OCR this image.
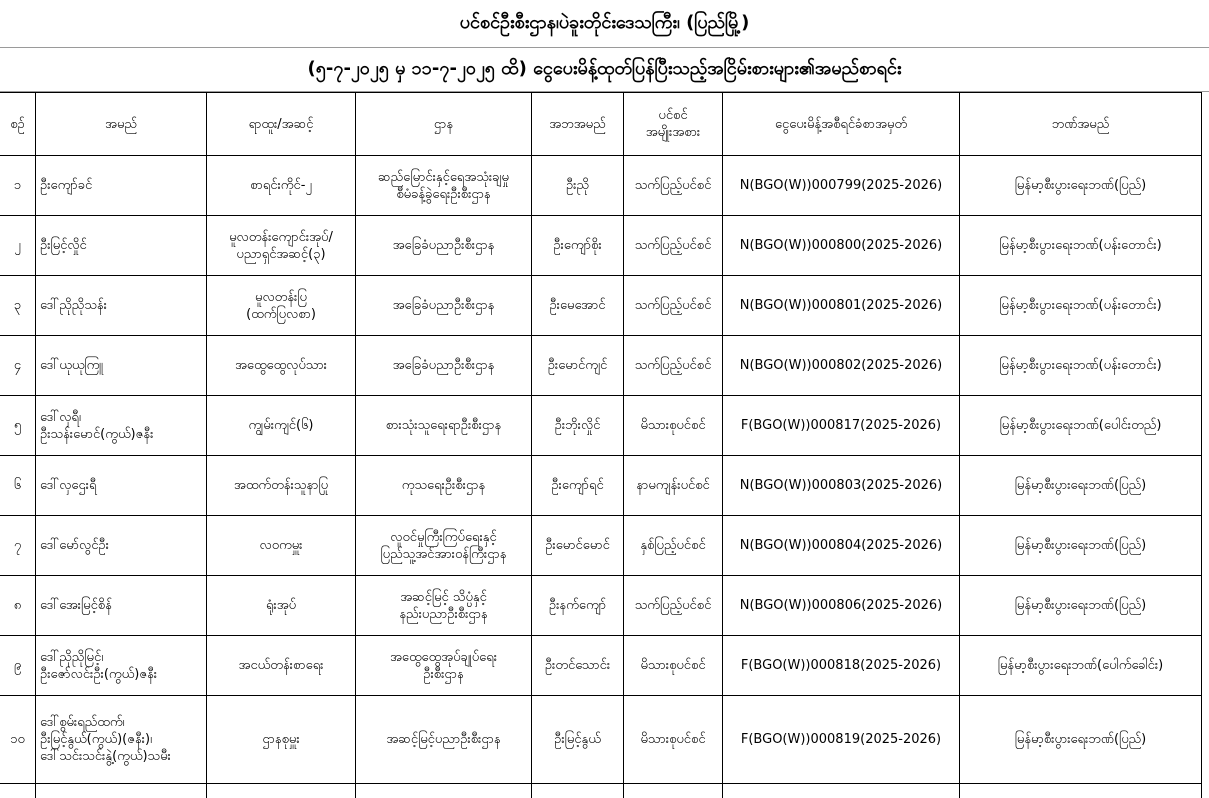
ပင်စင်ဦးစီးဌာန၊ပဲခူးတိုင်းဒေသကြီး၊ (ပြည်မြို့)
(၅-၇-၂၀၂၅ မှ ၁၁-၇-၂၀၂၅ ထိ) ငွေပေးမိန့်ထုတ်ပြန်ပြီးသည့်အငြိမ်းစားများ၏အမည်စာရင်း
စဉ်	အမည်	ရာထူး/အဆင့်	ဌာန	အဘအမည်	ပင်စင်
အမျိုးအစား	ငွေပေးမိန့်အစီရင်ခံစာအမှတ်	ဘဏ်အမည်
၁	ဦးကျော်ခင်	စာရင်းကိုင်-၂	ဆည်မြောင်းနှင့်ရေအသုံးချမှု
စီမံခန့်ခွဲရေးဦးစီးဌာန	ဦးညို	သက်ပြည့်ပင်စင်	N(BGO(W))000799(2025-2026)	မြန်မာ့စီးပွားရေးဘဏ်(ပြည်)
၂	ဦးမြင့်လှိုင်	မူလတန်းကျောင်းအုပ်/
ပညာရှင်အဆင့်(၃)	အခြေခံပညာဦးစီးဌာန	ဦးကျော်စိုး	သက်ပြည့်ပင်စင်	N(BGO(W))000800(2025-2026)	မြန်မာ့စီးပွားရေးဘဏ်(ပန်းတောင်း)
၃	ဒေါ်ညိုညိုသန်း	မူလတန်းပြ
(ထက်ပြလစာ)	အခြေခံပညာဦးစီးဌာန	ဦးမေအောင်	သက်ပြည့်ပင်စင်	N(BGO(W))000801(2025-2026)	မြန်မာ့စီးပွားရေးဘဏ်(ပန်းတောင်း)
၄	ဒေါ်ယုယုကြူ	အထွေထွေလုပ်သား	အခြေခံပညာဦးစီးဌာန	ဦးမောင်ကျင်	သက်ပြည့်ပင်စင်	N(BGO(W))000802(2025-2026)	မြန်မာ့စီးပွားရေးဘဏ်(ပန်းတောင်း)
၅	ဒေါ်လှရီ၊
ဦးသန်းမောင်(ကွယ်)ဇနီး	ကျွမ်းကျင်(၆)	စားသုံးသူရေးရာဦးစီးဌာန	ဦးဘိုးလှိုင်	မိသားစုပင်စင်	F(BGO(W))000817(2025-2026)	မြန်မာ့စီးပွားရေးဘဏ်(ပေါင်းတည်)
၆	ဒေါ်လှဌေးရီ	အထက်တန်းသူနာပြု	ကုသရေးဦးစီးဌာန	ဦးကျော်ရင်	နာမကျန်းပင်စင်	N(BGO(W))000803(2025-2026)	မြန်မာ့စီးပွားရေးဘဏ်(ပြည်)
၇	ဒေါ်မော်လွင်ဦး	လဝကမှူး	လူဝင်မှုကြီးကြပ်ရေးနှင့်
ပြည်သူ့အင်အားဝန်ကြီးဌာန	ဦးမောင်မောင်	နှစ်ပြည့်ပင်စင်	N(BGO(W))000804(2025-2026)	မြန်မာ့စီးပွားရေးဘဏ်(ပြည်)
၈	ဒေါ်အေးမြင့်စိန်	ရုံးအုပ်	အဆင့်မြင့် သိပ္ပံနှင့်
နည်းပညာဦးစီးဌာန	ဦးနက်ကျော်	သက်ပြည့်ပင်စင်	N(BGO(W))000806(2025-2026)	မြန်မာ့စီးပွားရေးဘဏ်(ပြည်)
၉	ဒေါ်ညိုညိုမြင့်၊
ဦးဇော်လင်းဦး(ကွယ်)ဇနီး	အငယ်တန်းစာရေး	အထွေထွေအုပ်ချုပ်ရေး
ဦးစီးဌာန	ဦးတင်သောင်း	မိသားစုပင်စင်	F(BGO(W))000818(2025-2026)	မြန်မာ့စီးပွားရေးဘဏ်(ပေါက်ခေါင်း)
၁၀	ဒေါ်စွမ်းရည်ထက်၊
ဦးမြင့်နွယ်(ကွယ်)(ဇနီး)၊
ဒေါ်သင်းသင်းနွဲ့(ကွယ်)သမီး	ဌာနစုမှူး	အဆင့်မြင့်ပညာဦးစီးဌာန	ဦးမြင့်နွယ်	မိသားစုပင်စင်	F(BGO(W))000819(2025-2026)	မြန်မာ့စီးပွားရေးဘဏ်(ပြည်)
